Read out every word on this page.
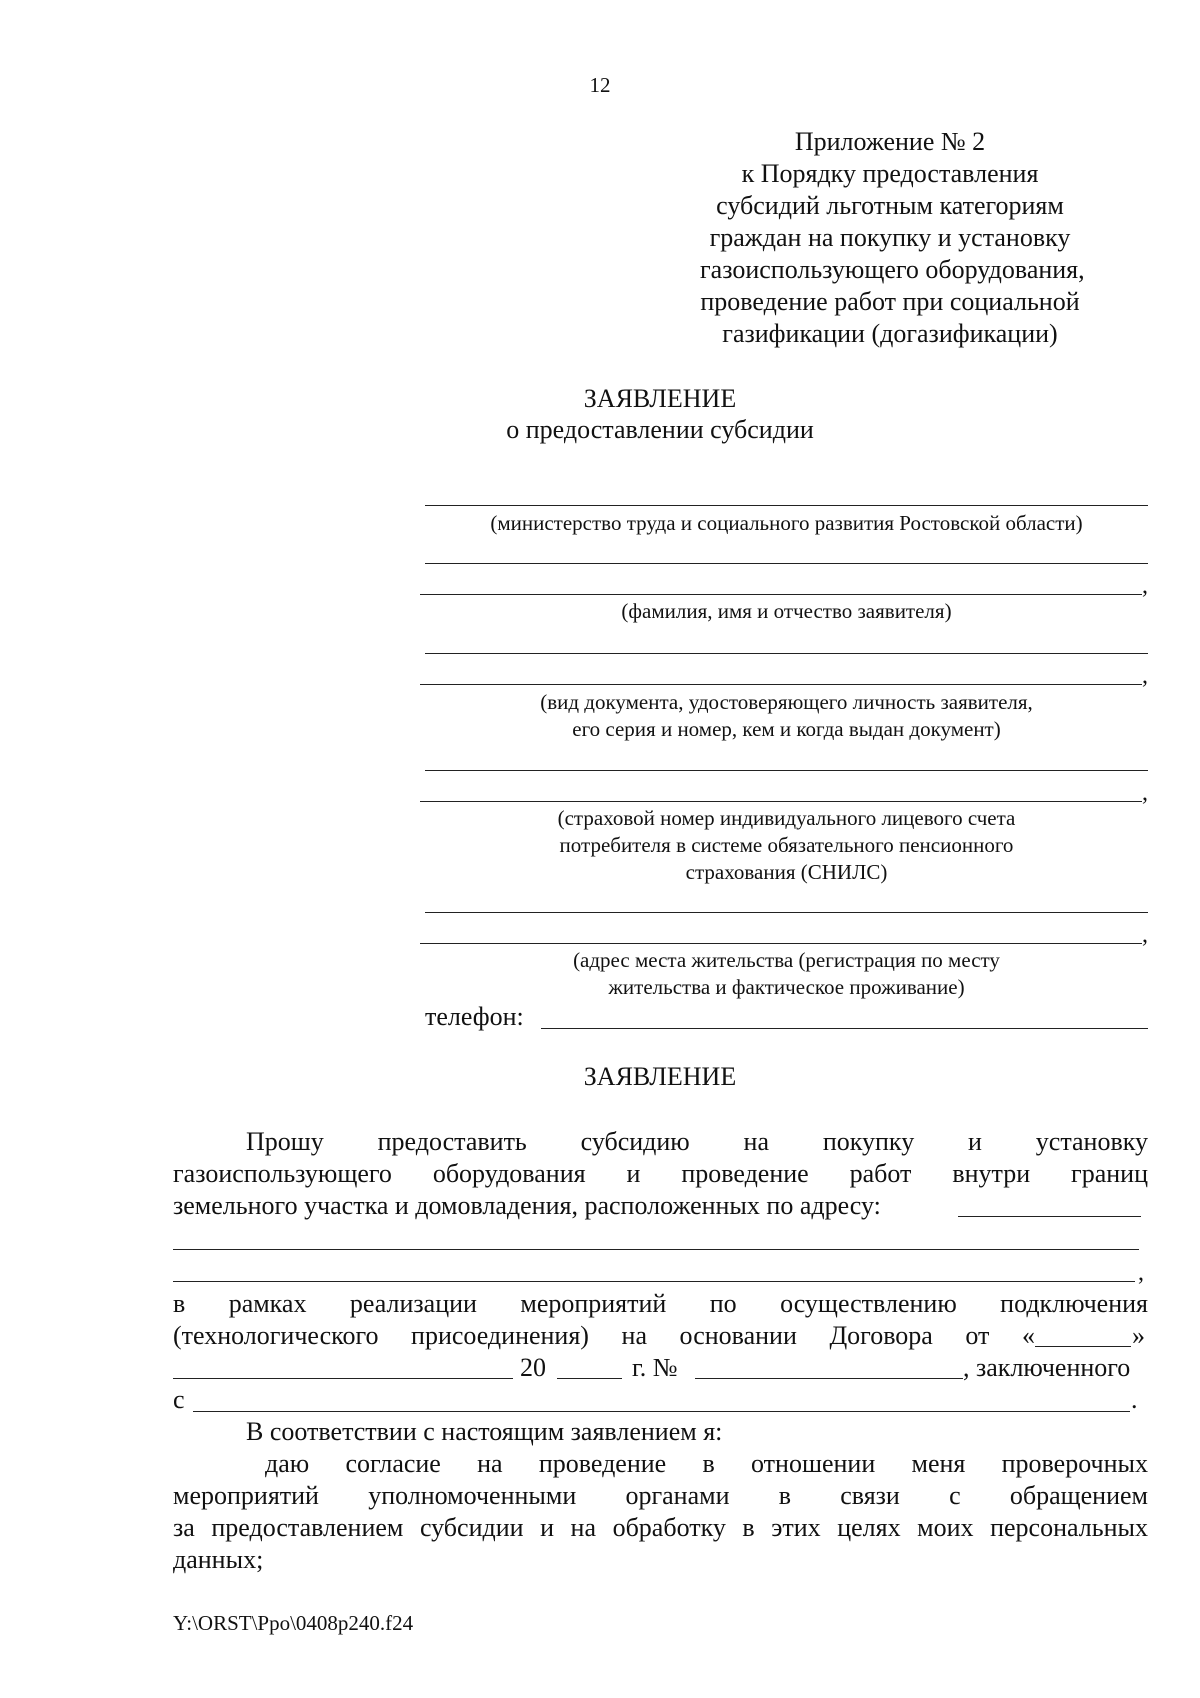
12
Приложение № 2
к Порядку предоставления
субсидий льготным категориям
граждан на покупку и установку
газоиспользующего оборудования,
проведение работ при социальной
газификации (догазификации)
ЗАЯВЛЕНИЕ
о предоставлении субсидии
(министерство труда и социального развития Ростовской области)
,
(фамилия, имя и отчество заявителя)
,
(вид документа, удостоверяющего личность заявителя,
его серия и номер, кем и когда выдан документ)
,
(страховой номер индивидуального лицевого счета
потребителя в системе обязательного пенсионного
страхования (СНИЛС)
,
(адрес места жительства (регистрация по месту
жительства и фактическое проживание)
телефон:
ЗАЯВЛЕНИЕ
Прошу предоставить субсидию на покупку и установку
газоиспользующего оборудования и проведение работ внутри границ
земельного участка и домовладения, расположенных по адресу:
,
в рамках реализации мероприятий по осуществлению подключения
(технологического присоединения) на основании Договора от «	»
20	г. №	, заключенного
с	.
В соответствии с настоящим заявлением я:
даю согласие на проведение в отношении меня проверочных
мероприятий уполномоченными органами в связи с обращением
за предоставлением субсидии и на обработку в этих целях моих персональных
данных;
Y:\ORST\Ppo\0408p240.f24
